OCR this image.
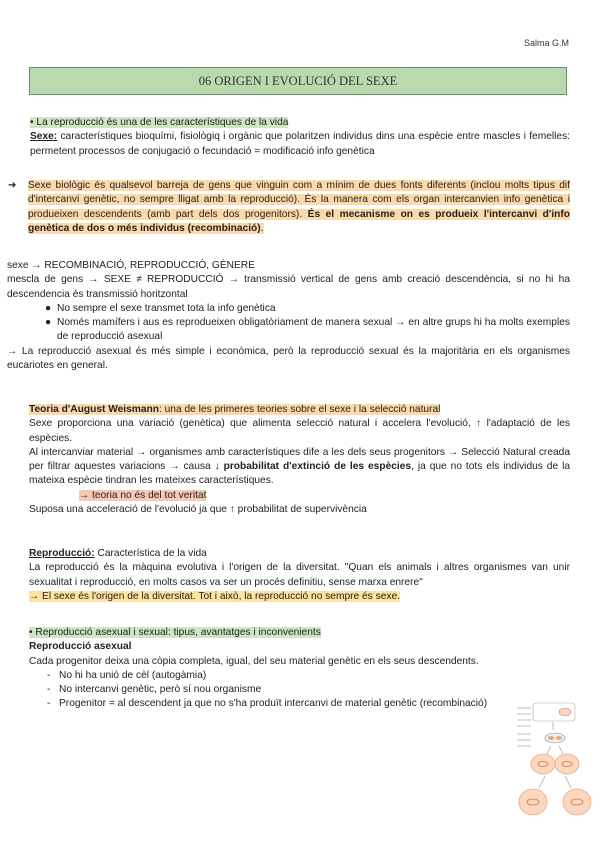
Salma G.M
06 ORIGEN I EVOLUCIÓ DEL SEXE
• La reproducció és una de les característiques de la vida
Sexe: característiques bioquími, fisiològiq i orgànic que polaritzen individus dins una espècie entre mascles i femelles: permetent processos de conjugació o fecundació = modificació info genètica
➔	Sexe biològic és qualsevol barreja de gens que vinguin com a mínim de dues fonts diferents (inclou molts tipus dif d'intercanvi genètic, no sempre lligat amb la reproducció). És la manera com els organ intercanvien info genètica i produeixen descendents (amb part dels dos progenitors). És el mecanisme on es produeix l'intercanvi d'info genètica de dos o més individus (recombinació).
sexe → RECOMBINACIÓ, REPRODUCCIÓ, GÈNERE
mescla de gens → SEXE ≠ REPRODUCCIÓ → transmissió vertical de gens amb creació descendència, si no hi ha descendencia és transmissió horitzontal
● No sempre el sexe transmet tota la info genètica
● Només mamífers i aus es reprodueixen obligatòriament de manera sexual → en altre grups hi ha molts exemples de reproducció asexual
→ La reproducció asexual és més simple i econòmica, però la reproducció sexual és la majoritària en els organismes eucariotes en general.
Teoria d'August Weismann: una de les primeres teories sobre el sexe i la selecció natural
Sexe proporciona una variació (genètica) que alimenta selecció natural i accelera l'evolució, ↑ l'adaptació de les espècies.
Al intercanviar material → organismes amb característiques dife a les dels seus progenitors → Selecció Natural creada per filtrar aquestes variacions → causa ↓ probabilitat d'extinció de les espècies, ja que no tots els individus de la mateixa espècie tindran les mateixes característiques.
→ teoria no és del tot veritat
Suposa una acceleració de l'evolució ja que ↑ probabilitat de supervivència
Reproducció: Característica de la vida
La reproducció és la màquina evolutiva i l'origen de la diversitat. "Quan els animals i altres organismes van unir sexualitat i reproducció, en molts casos va ser un procés definitiu, sense marxa enrere"
→ El sexe és l'origen de la diversitat. Tot i això, la reproducció no sempre és sexe.
• Reproducció asexual i sexual: tipus, avantatges i inconvenients
Reproducció asexual
Cada progenitor deixa una còpia completa, igual, del seu material genètic en els seus descendents.
- No hi ha unió de cèl (autogàmia)
- No intercanvi genètic, però sí nou organisme
- Progenitor = al descendent ja que no s'ha produït intercanvi de material genètic (recombinació)
